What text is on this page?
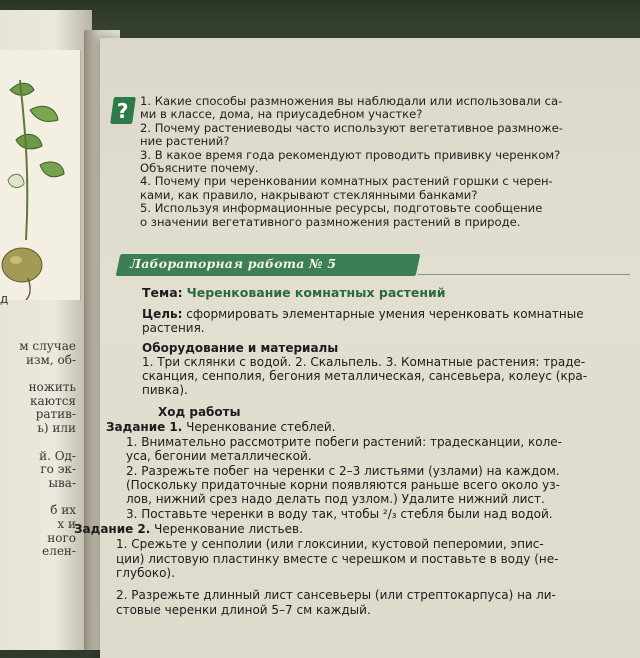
д
м случае
изм, об-
ножить
каются
ратив-
ь) или
й. Од-
го эк-
ыва-
б их
х и
ного
елен-
? 1. Какие способы размножения вы наблюдали или использовали са-
ми в классе, дома, на приусадебном участке?
2. Почему растениеводы часто используют вегетативное размноже-
ние растений?
3. В какое время года рекомендуют проводить прививку черенком?
Объясните почему.
4. Почему при черенковании комнатных растений горшки с черен-
ками, как правило, накрывают стеклянными банками?
5. Используя информационные ресурсы, подготовьте сообщение
о значении вегетативного размножения растений в природе.
Лабораторная работа № 5
Тема: Черенкование комнатных растений
Цель: сформировать элементарные умения черенковать комнатные
растения.
Оборудование и материалы
1. Три склянки с водой. 2. Скальпель. 3. Комнатные растения: траде-
сканция, сенполия, бегония металлическая, сансевьера, колеус (кра-
пивка).
Ход работы
Задание 1. Черенкование стеблей.
1. Внимательно рассмотрите побеги растений: традесканции, коле-
уса, бегонии металлической.
2. Разрежьте побег на черенки с 2–3 листьями (узлами) на каждом.
(Поскольку придаточные корни появляются раньше всего около уз-
лов, нижний срез надо делать под узлом.) Удалите нижний лист.
3. Поставьте черенки в воду так, чтобы ²/₃ стебля были над водой.
Задание 2. Черенкование листьев.
1. Срежьте у сенполии (или глоксинии, кустовой пеперомии, эпис-
ции) листовую пластинку вместе с черешком и поставьте в воду (не-
глубоко).
2. Разрежьте длинный лист сансевьеры (или стрептокарпуса) на ли-
стовые черенки длиной 5–7 см каждый.
